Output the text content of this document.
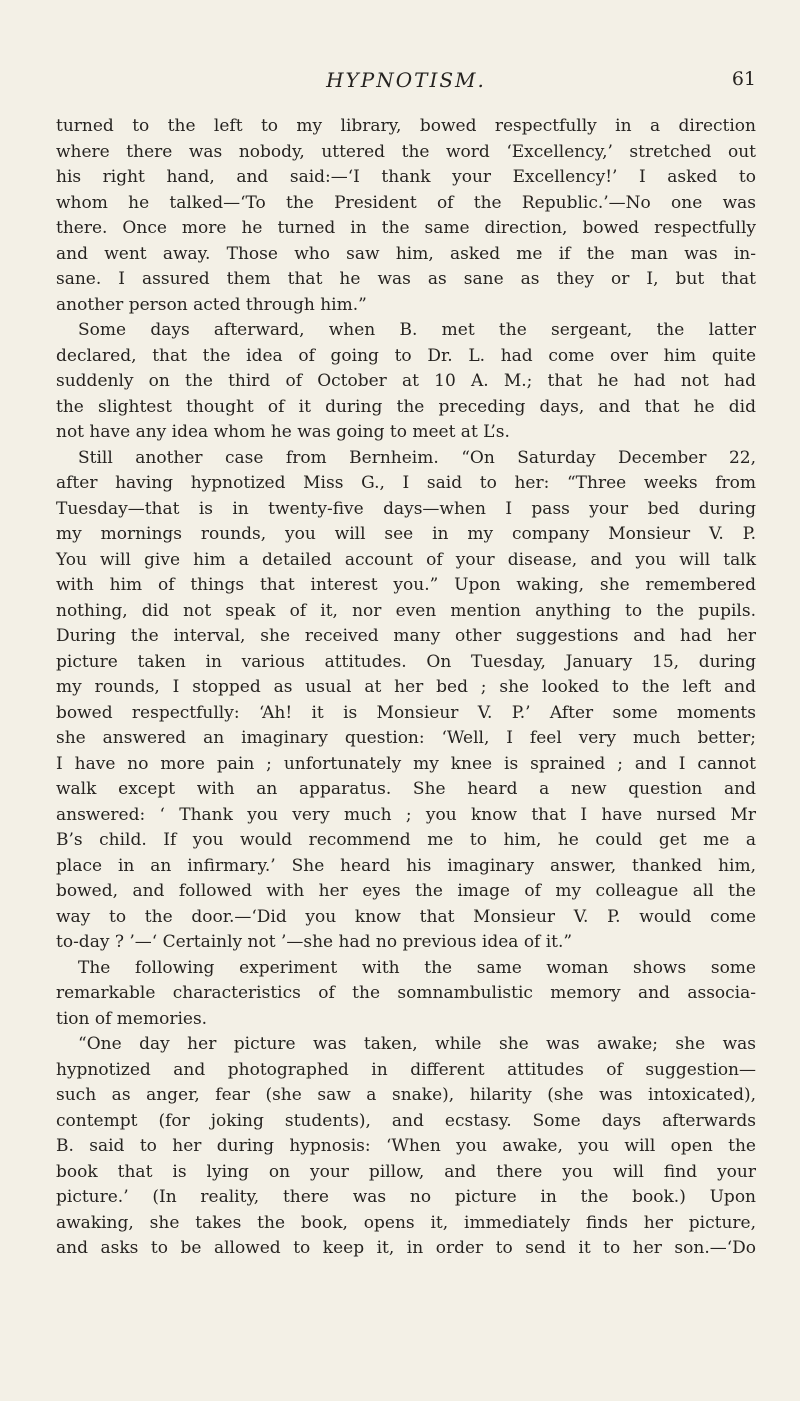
HYPNOTISM.	61
turned to the left to my library, bowed respectfully in a direction
where there was nobody, uttered the word ‘Excellency,’ stretched out
his right hand, and said:—‘I thank your Excellency!’ I asked to
whom he talked—‘To the President of the Republic.’—No one was
there. Once more he turned in the same direction, bowed respectfully
and went away. Those who saw him, asked me if the man was in-
sane. I assured them that he was as sane as they or I, but that
another person acted through him.”
Some days afterward, when B. met the sergeant, the latter
declared, that the idea of going to Dr. L. had come over him quite
suddenly on the third of October at 10 A. M.; that he had not had
the slightest thought of it during the preceding days, and that he did
not have any idea whom he was going to meet at L’s.
Still another case from Bernheim. “On Saturday December 22,
after having hypnotized Miss G., I said to her: “Three weeks from
Tuesday—that is in twenty-five days—when I pass your bed during
my mornings rounds, you will see in my company Monsieur V. P.
You will give him a detailed account of your disease, and you will talk
with him of things that interest you.” Upon waking, she remembered
nothing, did not speak of it, nor even mention anything to the pupils.
During the interval, she received many other suggestions and had her
picture taken in various attitudes. On Tuesday, January 15, during
my rounds, I stopped as usual at her bed ; she looked to the left and
bowed respectfully: ‘Ah! it is Monsieur V. P.’ After some moments
she answered an imaginary question: ‘Well, I feel very much better;
I have no more pain ; unfortunately my knee is sprained ; and I cannot
walk except with an apparatus. She heard a new question and
answered: ‘ Thank you very much ; you know that I have nursed Mr
B’s child. If you would recommend me to him, he could get me a
place in an infirmary.’ She heard his imaginary answer, thanked him,
bowed, and followed with her eyes the image of my colleague all the
way to the door.—‘Did you know that Monsieur V. P. would come
to-day ? ’—‘ Certainly not ’—she had no previous idea of it.”
The following experiment with the same woman shows some
remarkable characteristics of the somnambulistic memory and associa-
tion of memories.
“One day her picture was taken, while she was awake; she was
hypnotized and photographed in different attitudes of suggestion—
such as anger, fear (she saw a snake), hilarity (she was intoxicated),
contempt (for joking students), and ecstasy. Some days afterwards
B. said to her during hypnosis: ‘When you awake, you will open the
book that is lying on your pillow, and there you will find your
picture.’ (In reality, there was no picture in the book.) Upon
awaking, she takes the book, opens it, immediately finds her picture,
and asks to be allowed to keep it, in order to send it to her son.—‘Do
